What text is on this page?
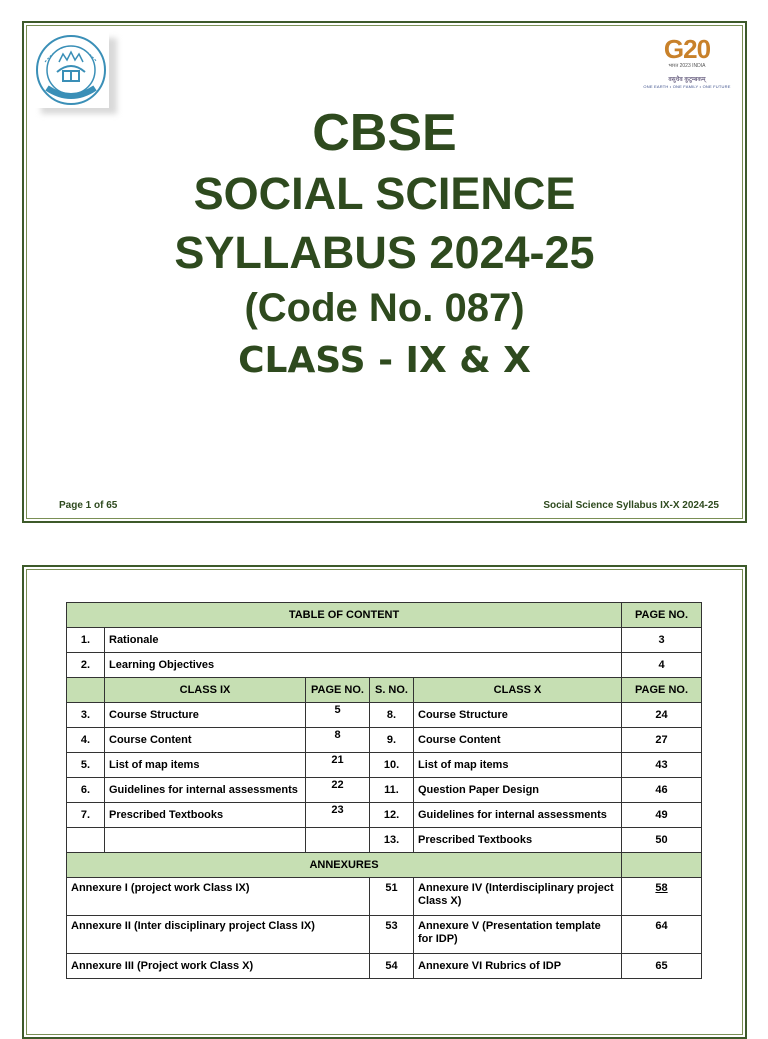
G20
भारत 2023 INDIA
वसुधैव कुटुम्बकम्
ONE EARTH • ONE FAMILY • ONE FUTURE
CBSE
SOCIAL SCIENCE
SYLLABUS 2024-25
(Code No. 087)
CLASS - IX & X
Page 1 of 65	Social Science Syllabus IX-X 2024-25
TABLE OF CONTENT					PAGE NO.
1.	Rationale				3
2.	Learning Objectives				4
	CLASS IX	PAGE NO.	S. NO.	CLASS X	PAGE NO.
3.	Course Structure	5	8.	Course Structure	24
4.	Course Content	8	9.	Course Content	27
5.	List of map items	21	10.	List of map items	43
6.	Guidelines for internal assessments	22	11.	Question Paper Design	46
7.	Prescribed Textbooks	23	12.	Guidelines for internal assessments	49
			13.	Prescribed Textbooks	50
ANNEXURES					
Annexure I (project work Class IX)			51	Annexure IV (Interdisciplinary project Class X)	58
Annexure II (Inter disciplinary project Class IX)			53	Annexure V (Presentation template for IDP)	64
Annexure III (Project work Class X)			54	Annexure VI Rubrics of IDP	65
